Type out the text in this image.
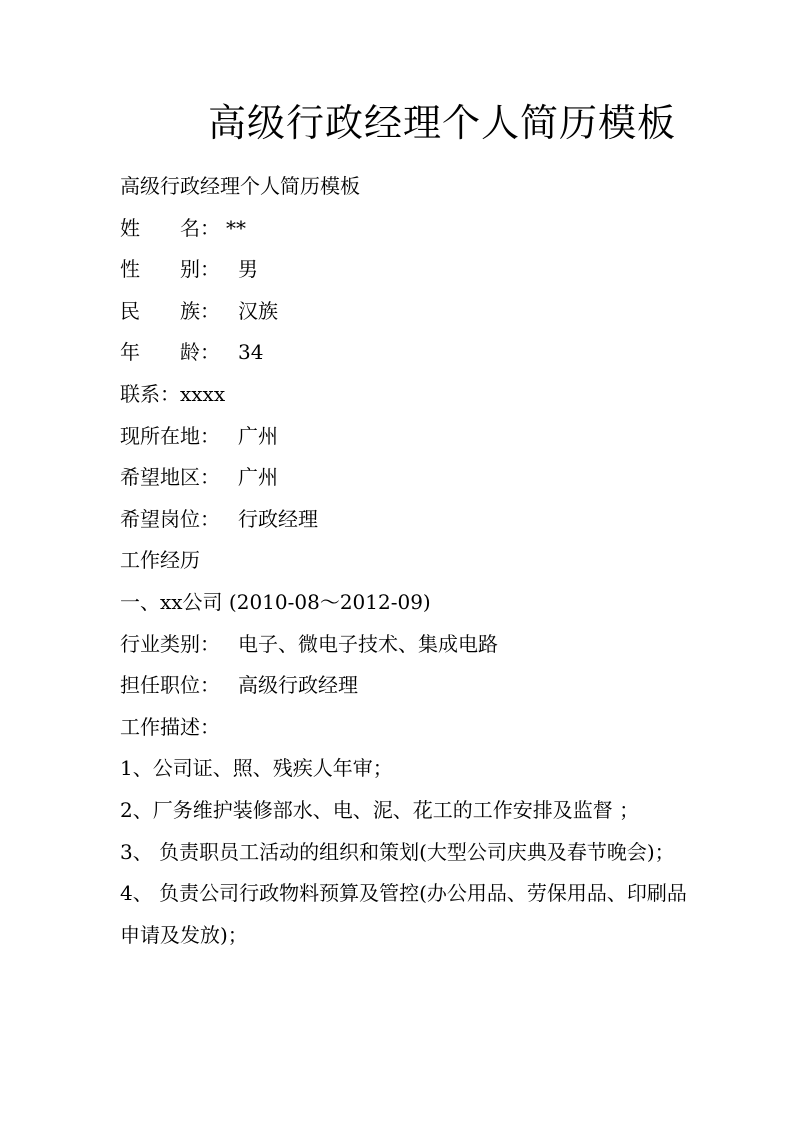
高级行政经理个人简历模板
高级行政经理个人简历模板
姓　　名： **
性　　别： 男
民　　族： 汉族
年　　龄： 34
联系： xxxx
现所在地： 广州
希望地区： 广州
希望岗位： 行政经理
工作经历
一、xx公司 (2010-08～2012-09)
行业类别： 电子、微电子技术、集成电路
担任职位： 高级行政经理
工作描述：
1、公司证、照、残疾人年审；
2、厂务维护装修部水、电、泥、花工的工作安排及监督 ；
3、 负责职员工活动的组织和策划(大型公司庆典及春节晚会)；
4、 负责公司行政物料预算及管控(办公用品、劳保用品、印刷品申请及发放)；
